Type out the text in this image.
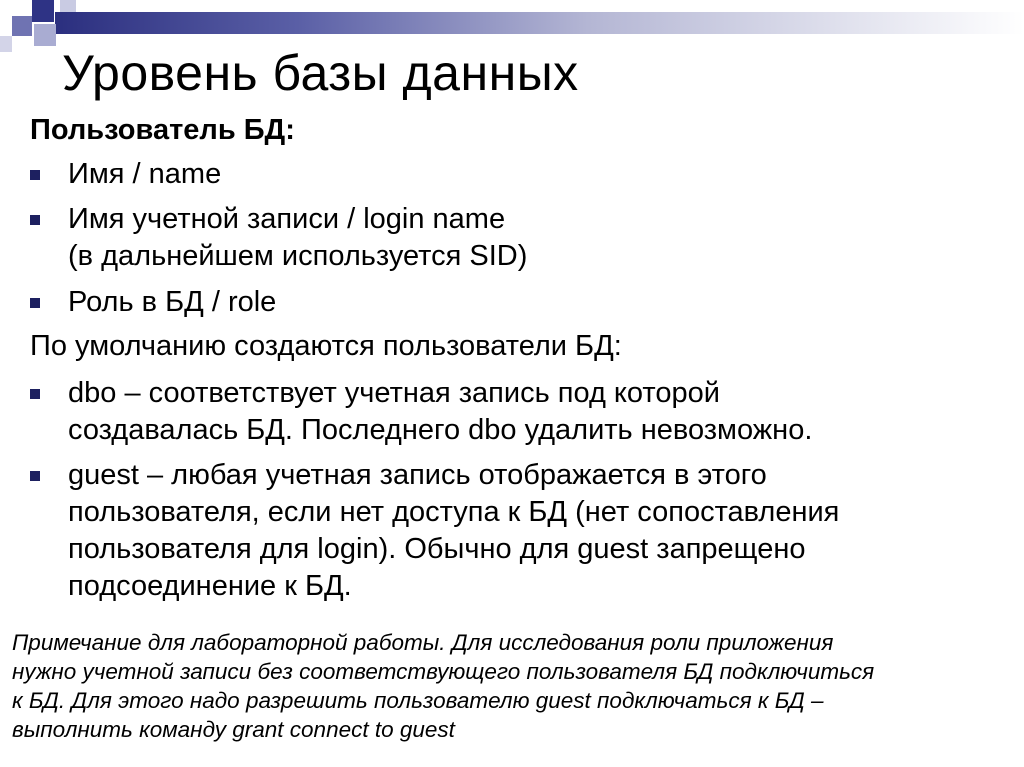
Уровень базы данных

Пользователь БД:

Имя / name
Имя учетной записи / login name
(в дальнейшем используется SID)
Роль в БД / role

По умолчанию создаются пользователи БД:

dbo – соответствует учетная запись под которой
создавалась БД. Последнего dbo удалить невозможно.
guest – любая учетная запись отображается в этого
пользователя, если нет доступа к БД (нет сопоставления
пользователя для login). Обычно для guest запрещено
подсоединение к БД.
Примечание для лабораторной работы. Для исследования роли приложения
нужно учетной записи без соответствующего пользователя БД подключиться
к БД. Для этого надо разрешить пользователю guest подключаться к БД –
выполнить команду grant connect to guest
